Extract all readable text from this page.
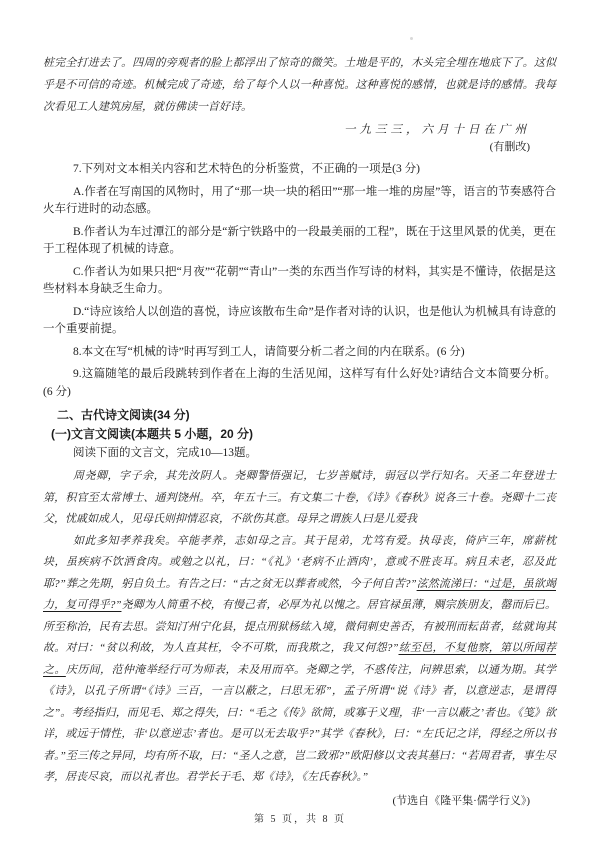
桩完全打进去了。四周的旁观者的脸上都浮出了惊奇的微笑。土地是平的，木头完全埋在地底下了。这似乎是不可信的奇迹。机械完成了奇迹，给了每个人以一种喜悦。这种喜悦的感情，也就是诗的感情。我每次看见工人建筑房屋，就仿佛读一首好诗。

一九三三，六月十日在广州

(有删改)

7.下列对文本相关内容和艺术特色的分析鉴赏，不正确的一项是(3 分)

A.作者在写南国的风物时，用了“那一块一块的稻田”“那一堆一堆的房屋”等，语言的节奏感符合火车行进时的动态感。

B.作者认为车过潭江的部分是“新宁铁路中的一段最美丽的工程”，既在于这里风景的优美，更在于工程体现了机械的诗意。

C.作者认为如果只把“月夜”“花朝”“青山”一类的东西当作写诗的材料，其实是不懂诗，依据是这些材料本身缺乏生命力。

D.“诗应该给人以创造的喜悦，诗应该散布生命”是作者对诗的认识，也是他认为机械具有诗意的一个重要前提。

8.本文在写“机械的诗”时再写到工人，请简要分析二者之间的内在联系。(6 分)

9.这篇随笔的最后段跳转到作者在上海的生活见闻，这样写有什么好处?请结合文本简要分析。(6 分)

二、古代诗文阅读(34 分)

(一)文言文阅读(本题共 5 小题，20 分)

阅读下面的文言文，完成10—13题。

周尧卿，字子余，其先汝阴人。尧卿警悟强记，七岁善赋诗，弱冠以学行知名。天圣二年登进士第，积官至太常博士、通判饶州。卒，年五十三。有文集二十卷，《诗》《春秋》说各三十卷。尧卿十二丧父，忧戚如成人，见母氏则抑情忍哀，不欲伤其意。母异之谓族人曰是儿爱我

如此多知孝养我矣。卒能孝养，志如母之言。其于昆弟，尤笃有爱。执母丧，倚庐三年，席薪枕块，虽疾病不饮酒食肉。或勉之以礼，曰：“《礼》‘老病不止酒肉’，意或不胜丧耳。病且未老，忍及此耶?”葬之先期，躬自负土。有告之曰：“古之贫无以葬者或然，今子何自苦?”泫然流涕曰：“过是，虽欲竭力，复可得乎?”尧卿为人简重不校，有慢己者，必厚为礼以愧之。居官禄虽薄，赒宗族朋友，罄而后已。所至称治，民有去思。尝知汀州宁化县，提点刑狱杨纮入境，微伺刺史善否，有被刑而耘苗者，纮就询其故。对曰：“贫以利故，为人直其枉，令不可欺，而我欺之，我又何怨?”纮至邑，不复他察，第以所闻荐之。庆历间，范仲淹举经行可为师表，未及用而卒。尧卿之学，不惑传注，问辨思索，以通为期。其学《诗》，以孔子所谓“《诗》三百，一言以蔽之，曰思无邪”，孟子所谓“说《诗》者，以意逆志，是谓得之”。考经指归，而见毛、郑之得失，曰：“毛之《传》欲简，或寡于义理，非‘一言以蔽之’者也。《笺》欲详，或远于情性，非‘以意逆志’者也。是可以无去取乎?”其学《春秋》，曰：“左氏记之详，得经之所以书者。”至三传之异同，均有所不取，曰：“圣人之意，岂二致邪?”欧阳修以文表其墓曰：“若周君者，事生尽孝，居丧尽哀，而以礼者也。君学长于毛、郑《诗》，《左氏春秋》。”

(节选自《隆平集·儒学行义》)

第 5 页，共 8 页
